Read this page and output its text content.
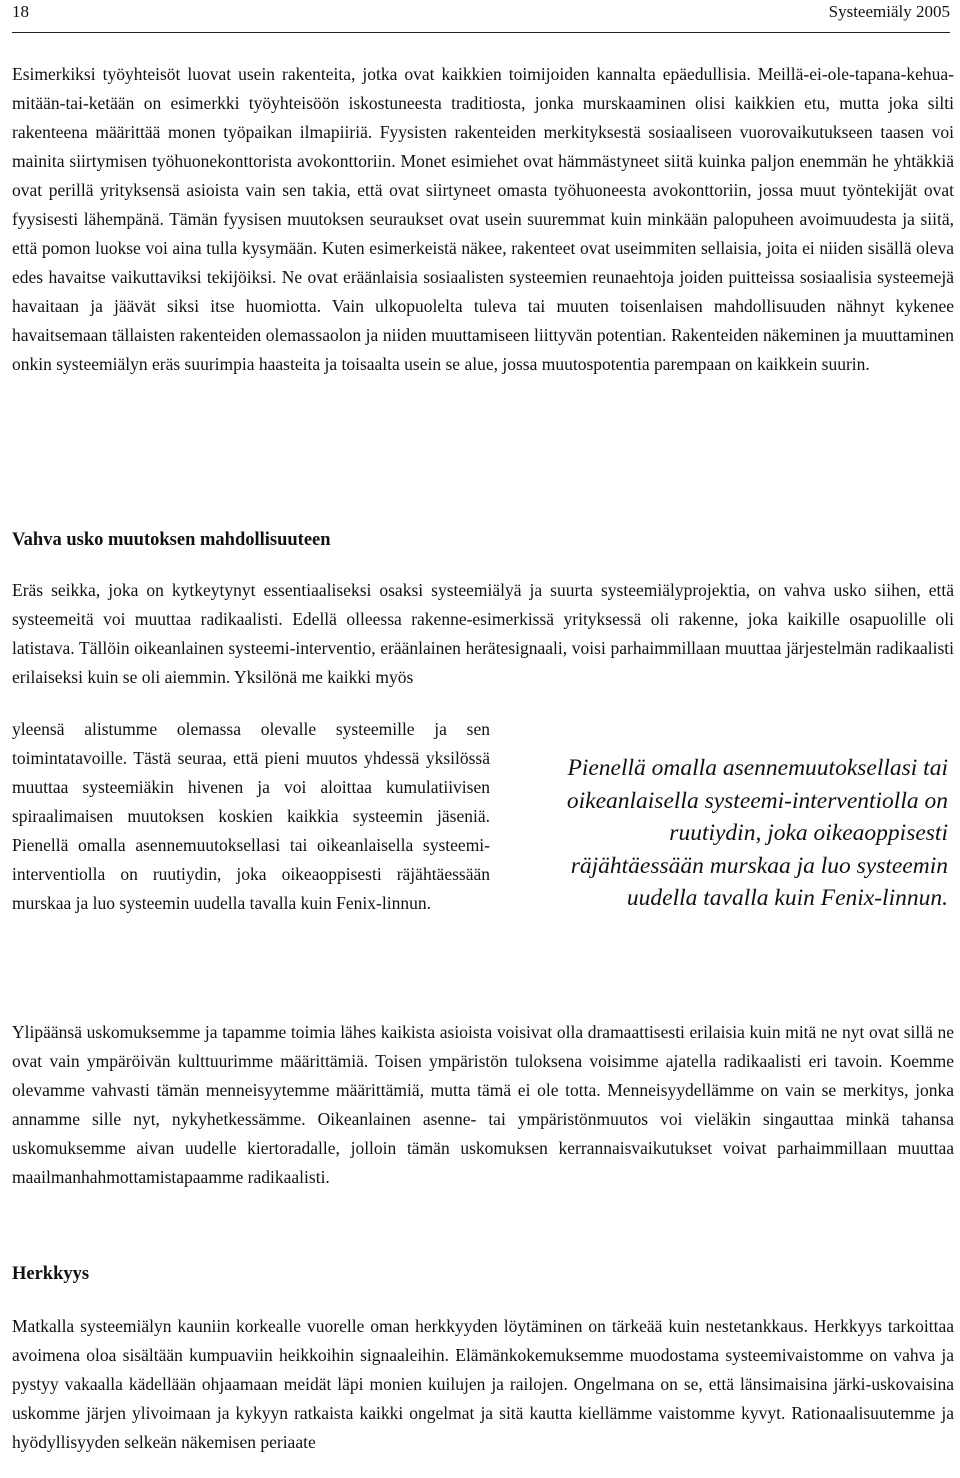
18	Systeemiäly 2005

Esimerkiksi työyhteisöt luovat usein rakenteita, jotka ovat kaikkien toimijoiden kannalta epäedullisia. Meillä-ei-ole-tapana-kehua-mitään-tai-ketään on esimerkki työyhteisöön iskostuneesta traditiosta, jonka murskaaminen olisi kaikkien etu, mutta joka silti rakenteena määrittää monen työpaikan ilmapiiriä. Fyysisten rakenteiden merkityksestä sosiaaliseen vuorovaikutukseen taasen voi mainita siirtymisen työhuonekonttorista avokonttoriin. Monet esimiehet ovat hämmästyneet siitä kuinka paljon enemmän he yhtäkkiä ovat perillä yrityksensä asioista vain sen takia, että ovat siirtyneet omasta työhuoneesta avokonttoriin, jossa muut työntekijät ovat fyysisesti lähempänä. Tämän fyysisen muutoksen seuraukset ovat usein suuremmat kuin minkään palopuheen avoimuudesta ja siitä, että pomon luokse voi aina tulla kysymään. Kuten esimerkeistä näkee, rakenteet ovat useimmiten sellaisia, joita ei niiden sisällä oleva edes havaitse vaikuttaviksi tekijöiksi. Ne ovat eräänlaisia sosiaalisten systeemien reunaehtoja joiden puitteissa sosiaalisia systeemejä havaitaan ja jäävät siksi itse huomiotta. Vain ulkopuolelta tuleva tai muuten toisenlaisen mahdollisuuden nähnyt kykenee havaitsemaan tällaisten rakenteiden olemassaolon ja niiden muuttamiseen liittyvän potentian. Rakenteiden näkeminen ja muuttaminen onkin systeemiälyn eräs suurimpia haasteita ja toisaalta usein se alue, jossa muutospotentia parempaan on kaikkein suurin.

Vahva usko muutoksen mahdollisuuteen

Eräs seikka, joka on kytkeytynyt essentiaaliseksi osaksi systeemiälyä ja suurta systeemiälyprojektia, on vahva usko siihen, että systeemeitä voi muuttaa radikaalisti. Edellä olleessa rakenne-esimerkissä yrityksessä oli rakenne, joka kaikille osapuolille oli latistava. Tällöin oikeanlainen systeemi-interventio, eräänlainen herätesignaali, voisi parhaimmillaan muuttaa järjestelmän radikaalisti erilaiseksi kuin se oli aiemmin. Yksilönä me kaikki myös

yleensä alistumme olemassa olevalle systeemille ja sen toimintatavoille. Tästä seuraa, että pieni muutos yhdessä yksilössä muuttaa systeemiäkin hivenen ja voi aloittaa kumulatiivisen spiraalimaisen muutoksen koskien kaikkia systeemin jäseniä. Pienellä omalla asennemuutoksellasi tai oikeanlaisella systeemi-interventiolla on ruutiydin, joka oikeaoppisesti räjähtäessään murskaa ja luo systeemin uudella tavalla kuin Fenix-linnun.

Pienellä omalla asennemuutoksellasi tai oikeanlaisella systeemi-interventiolla on ruutiydin, joka oikeaoppisesti räjähtäessään murskaa ja luo systeemin uudella tavalla kuin Fenix-linnun.

Ylipäänsä uskomuksemme ja tapamme toimia lähes kaikista asioista voisivat olla dramaattisesti erilaisia kuin mitä ne nyt ovat sillä ne ovat vain ympäröivän kulttuurimme määrittämiä. Toisen ympäristön tuloksena voisimme ajatella radikaalisti eri tavoin. Koemme olevamme vahvasti tämän menneisyytemme määrittämiä, mutta tämä ei ole totta. Menneisyydellämme on vain se merkitys, jonka annamme sille nyt, nykyhetkessämme. Oikeanlainen asenne- tai ympäristönmuutos voi vieläkin singauttaa minkä tahansa uskomuksemme aivan uudelle kiertoradalle, jolloin tämän uskomuksen kerrannaisvaikutukset voivat parhaimmillaan muuttaa maailmanhahmottamistapaamme radikaalisti.

Herkkyys

Matkalla systeemiälyn kauniin korkealle vuorelle oman herkkyyden löytäminen on tärkeää kuin nestetankkaus. Herkkyys tarkoittaa avoimena oloa sisältään kumpuaviin heikkoihin signaaleihin. Elämänkokemuksemme muodostama systeemivaistomme on vahva ja pystyy vakaalla kädellään ohjaamaan meidät läpi monien kuilujen ja railojen. Ongelmana on se, että länsimaisina järki-uskovaisina uskomme järjen ylivoimaan ja kykyyn ratkaista kaikki ongelmat ja sitä kautta kiellämme vaistomme kyvyt. Rationaalisuutemme ja hyödyllisyyden selkeän näkemisen periaate
